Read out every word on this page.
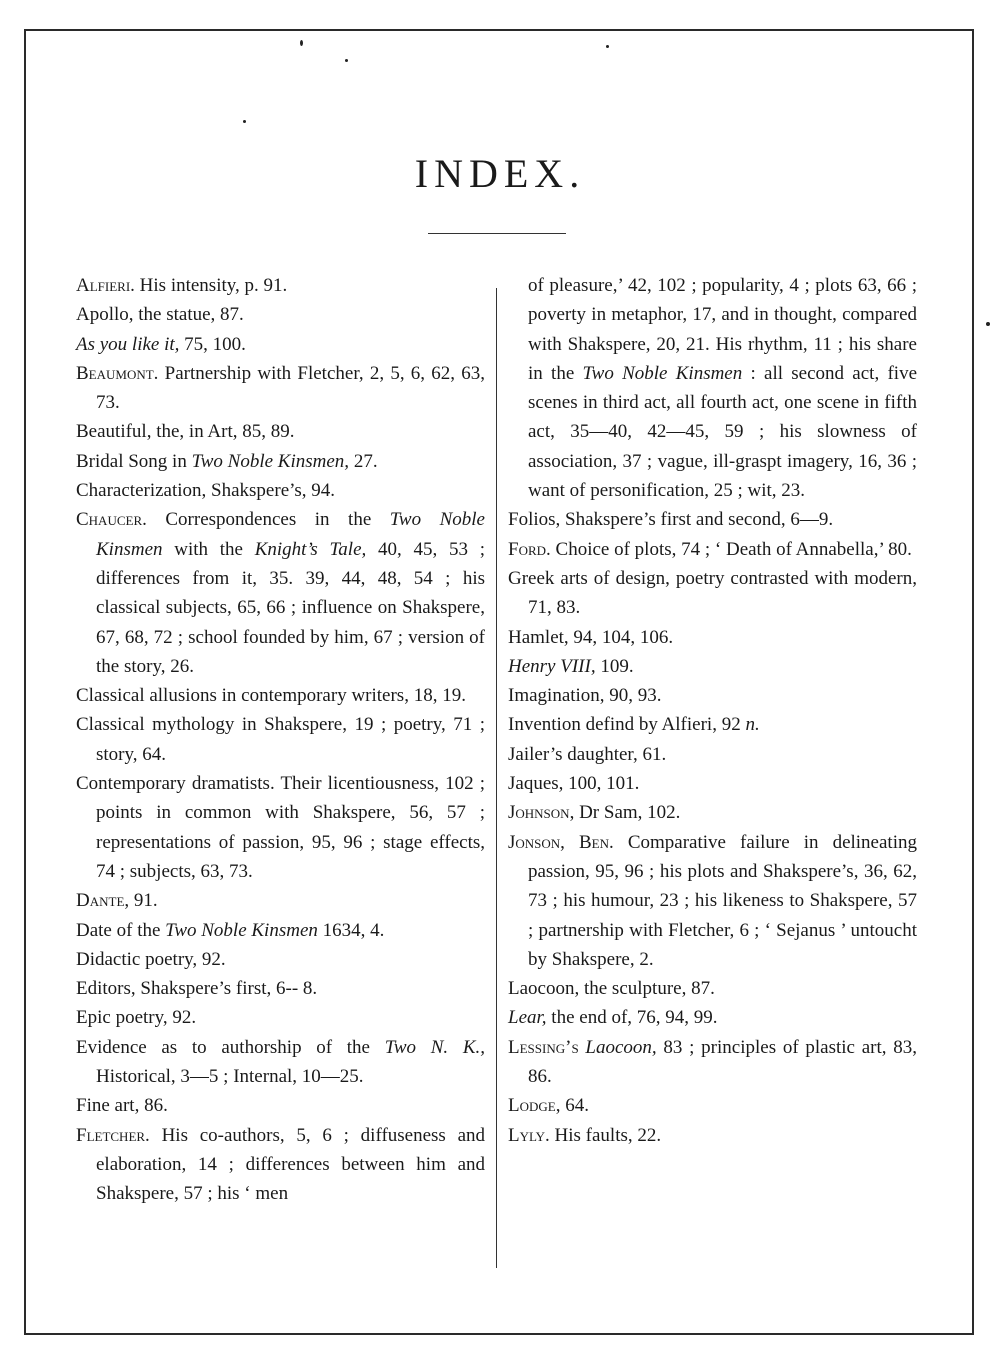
INDEX.

Alfieri. His intensity, p. 91.

Apollo, the statue, 87.

As you like it, 75, 100.

Beaumont. Partnership with Fletcher, 2, 5, 6, 62, 63, 73.

Beautiful, the, in Art, 85, 89.

Bridal Song in Two Noble Kinsmen, 27.

Characterization, Shakspere’s, 94.

Chaucer. Correspondences in the Two Noble Kinsmen with the Knight’s Tale, 40, 45, 53 ; differences from it, 35. 39, 44, 48, 54 ; his classical subjects, 65, 66 ; influence on Shakspere, 67, 68, 72 ; school founded by him, 67 ; version of the story, 26.

Classical allusions in contemporary writers, 18, 19.

Classical mythology in Shakspere, 19 ; poetry, 71 ; story, 64.

Contemporary dramatists. Their licentiousness, 102 ; points in common with Shakspere, 56, 57 ; representations of passion, 95, 96 ; stage effects, 74 ; subjects, 63, 73.

Dante, 91.

Date of the Two Noble Kinsmen 1634, 4.

Didactic poetry, 92.

Editors, Shakspere’s first, 6-- 8.

Epic poetry, 92.

Evidence as to authorship of the Two N. K., Historical, 3—5 ; Internal, 10—25.

Fine art, 86.

Fletcher. His co-authors, 5, 6 ; diffuseness and elaboration, 14 ; differences between him and Shakspere, 57 ; his ‘ men

of pleasure,’ 42, 102 ; popularity, 4 ; plots 63, 66 ; poverty in metaphor, 17, and in thought, compared with Shakspere, 20, 21. His rhythm, 11 ; his share in the Two Noble Kinsmen : all second act, five scenes in third act, all fourth act, one scene in fifth act, 35—40, 42—45, 59 ; his slowness of association, 37 ; vague, ill-graspt imagery, 16, 36 ; want of personification, 25 ; wit, 23.

Folios, Shakspere’s first and second, 6—9.

Ford. Choice of plots, 74 ; ‘ Death of Annabella,’ 80.

Greek arts of design, poetry contrasted with modern, 71, 83.

Hamlet, 94, 104, 106.

Henry VIII, 109.

Imagination, 90, 93.

Invention defind by Alfieri, 92 n.

Jailer’s daughter, 61.

Jaques, 100, 101.

Johnson, Dr Sam, 102.

Jonson, Ben. Comparative failure in delineating passion, 95, 96 ; his plots and Shakspere’s, 36, 62, 73 ; his humour, 23 ; his likeness to Shakspere, 57 ; partnership with Fletcher, 6 ; ‘ Sejanus ’ untoucht by Shakspere, 2.

Laocoon, the sculpture, 87.

Lear, the end of, 76, 94, 99.

Lessing’s Laocoon, 83 ; principles of plastic art, 83, 86.

Lodge, 64.

Lyly. His faults, 22.
